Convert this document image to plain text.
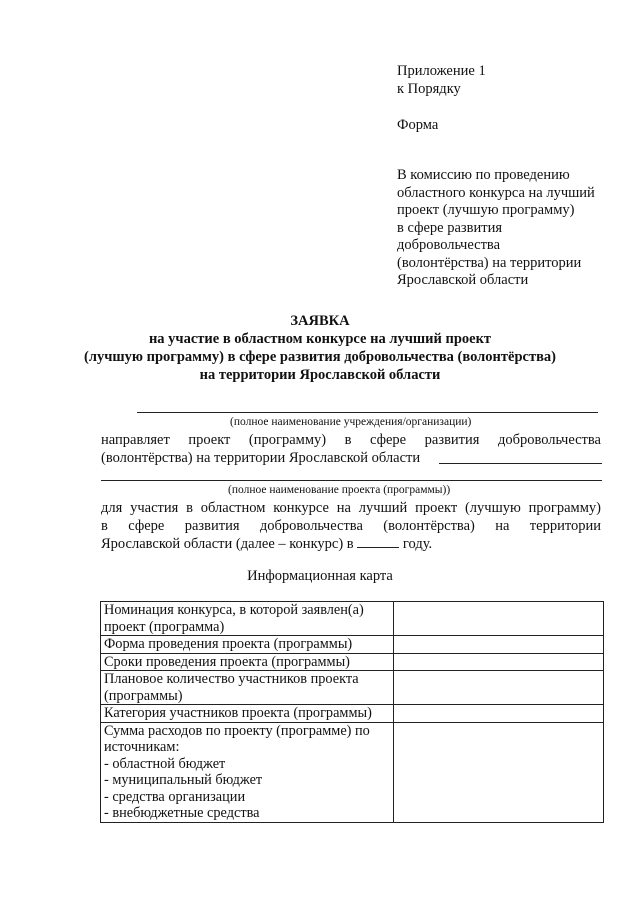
Приложение 1
к Порядку
Форма
В комиссию по проведению
областного конкурса на лучший
проект (лучшую программу)
в сфере развития
добровольчества
(волонтёрства) на территории
Ярославской области
ЗАЯВКА
на участие в областном конкурсе на лучший проект
(лучшую программу) в сфере развития добровольчества (волонтёрства)
на территории Ярославской области
(полное наименование учреждения/организации)
направляет проект (программу) в сфере развития добровольчества
(волонтёрства) на территории Ярославской области
(полное наименование проекта (программы))
для участия в областном конкурсе на лучший проект (лучшую программу)
в сфере развития добровольчества (волонтёрства) на территории
Ярославской области (далее – конкурс) в	году.
Информационная карта
Номинация конкурса, в которой заявлен(а) проект (программа)	
Форма проведения проекта (программы)	
Сроки проведения проекта (программы)	
Плановое количество участников проекта (программы)	
Категория участников проекта (программы)	

Сумма расходов по проекту (программе) по источникам:
- областной бюджет
- муниципальный бюджет
- средства организации
- внебюджетные средства	
